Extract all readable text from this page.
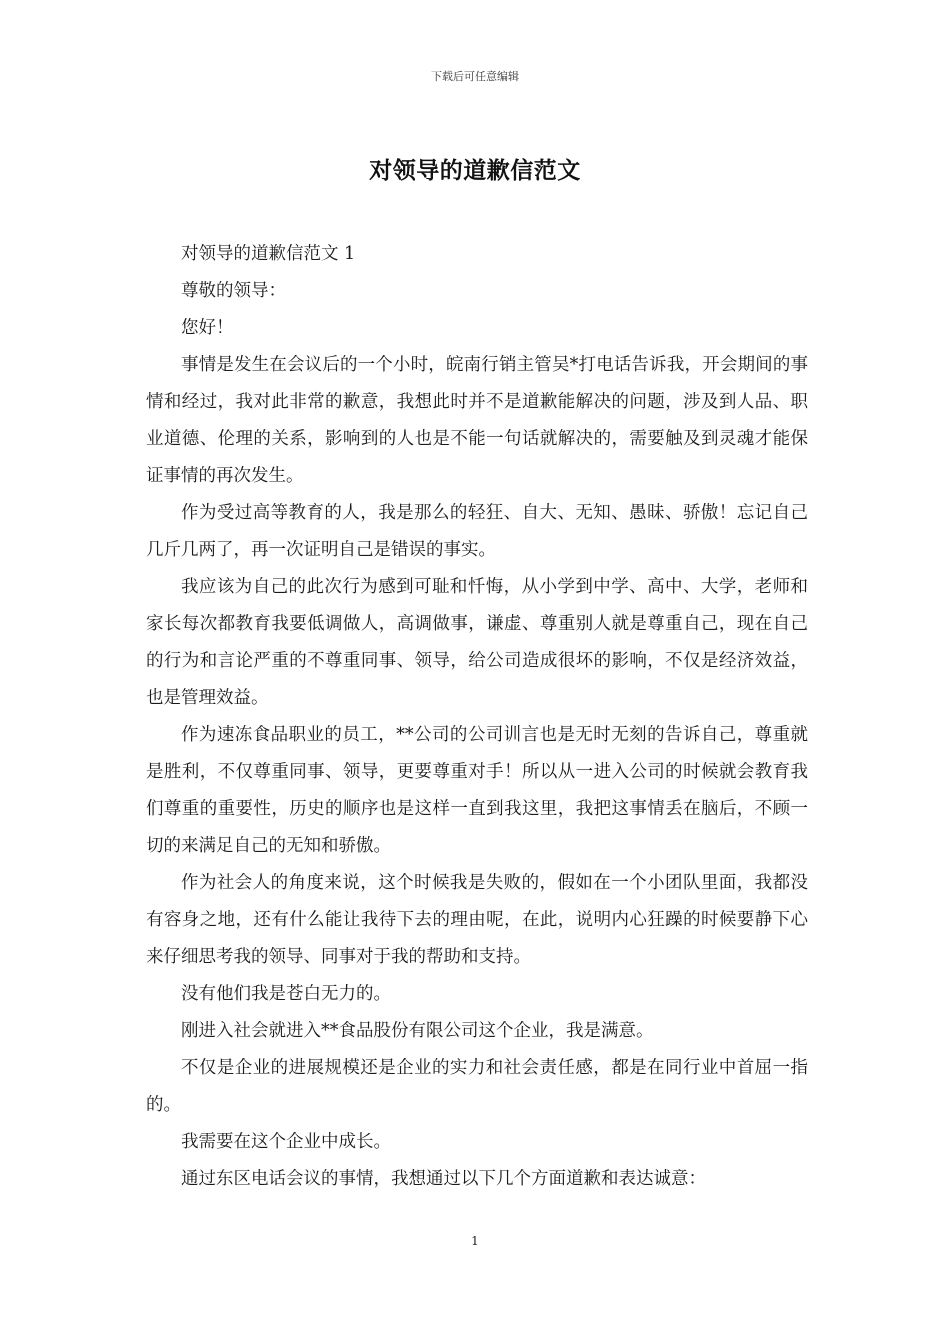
下载后可任意编辑
对领导的道歉信范文

对领导的道歉信范文 1

尊敬的领导：

您好！

事情是发生在会议后的一个小时，皖南行销主管吴*打电话告诉我，开会期间的事情和经过，我对此非常的歉意，我想此时并不是道歉能解决的问题，涉及到人品、职业道德、伦理的关系，影响到的人也是不能一句话就解决的，需要触及到灵魂才能保证事情的再次发生。

作为受过高等教育的人，我是那么的轻狂、自大、无知、愚昧、骄傲！忘记自己几斤几两了，再一次证明自己是错误的事实。

我应该为自己的此次行为感到可耻和忏悔，从小学到中学、高中、大学，老师和家长每次都教育我要低调做人，高调做事，谦虚、尊重别人就是尊重自己，现在自己的行为和言论严重的不尊重同事、领导，给公司造成很坏的影响，不仅是经济效益，也是管理效益。

作为速冻食品职业的员工，**公司的公司训言也是无时无刻的告诉自己，尊重就是胜利，不仅尊重同事、领导，更要尊重对手！所以从一进入公司的时候就会教育我们尊重的重要性，历史的顺序也是这样一直到我这里，我把这事情丢在脑后，不顾一切的来满足自己的无知和骄傲。

作为社会人的角度来说，这个时候我是失败的，假如在一个小团队里面，我都没有容身之地，还有什么能让我待下去的理由呢，在此，说明内心狂躁的时候要静下心来仔细思考我的领导、同事对于我的帮助和支持。

没有他们我是苍白无力的。

刚进入社会就进入**食品股份有限公司这个企业，我是满意。

不仅是企业的进展规模还是企业的实力和社会责任感，都是在同行业中首屈一指的。

我需要在这个企业中成长。

通过东区电话会议的事情，我想通过以下几个方面道歉和表达诚意：

1
